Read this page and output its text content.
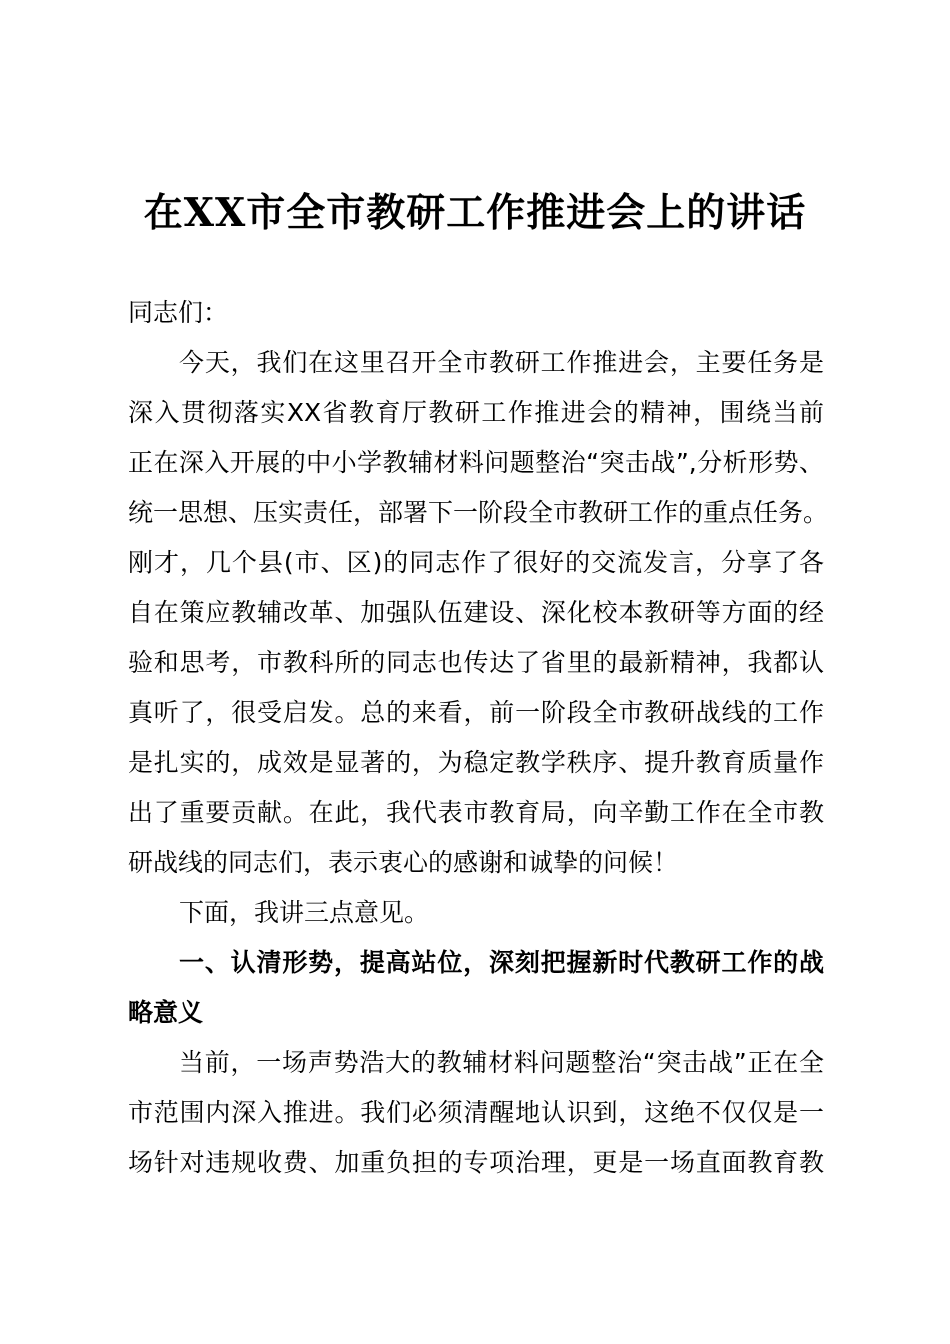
在XX市全市教研工作推进会上的讲话
同志们：
今天，我们在这里召开全市教研工作推进会，主要任务是
深入贯彻落实XX省教育厅教研工作推进会的精神，围绕当前
正在深入开展的中小学教辅材料问题整治“突击战”,分析形势、
统一思想、压实责任，部署下一阶段全市教研工作的重点任务。
刚才，几个县(市、区)的同志作了很好的交流发言，分享了各
自在策应教辅改革、加强队伍建设、深化校本教研等方面的经
验和思考，市教科所的同志也传达了省里的最新精神，我都认
真听了，很受启发。总的来看，前一阶段全市教研战线的工作
是扎实的，成效是显著的，为稳定教学秩序、提升教育质量作
出了重要贡献。在此，我代表市教育局，向辛勤工作在全市教
研战线的同志们，表示衷心的感谢和诚挚的问候！
下面，我讲三点意见。
一、认清形势，提高站位，深刻把握新时代教研工作的战
略意义
当前，一场声势浩大的教辅材料问题整治“突击战”正在全
市范围内深入推进。我们必须清醒地认识到，这绝不仅仅是一
场针对违规收费、加重负担的专项治理，更是一场直面教育教
